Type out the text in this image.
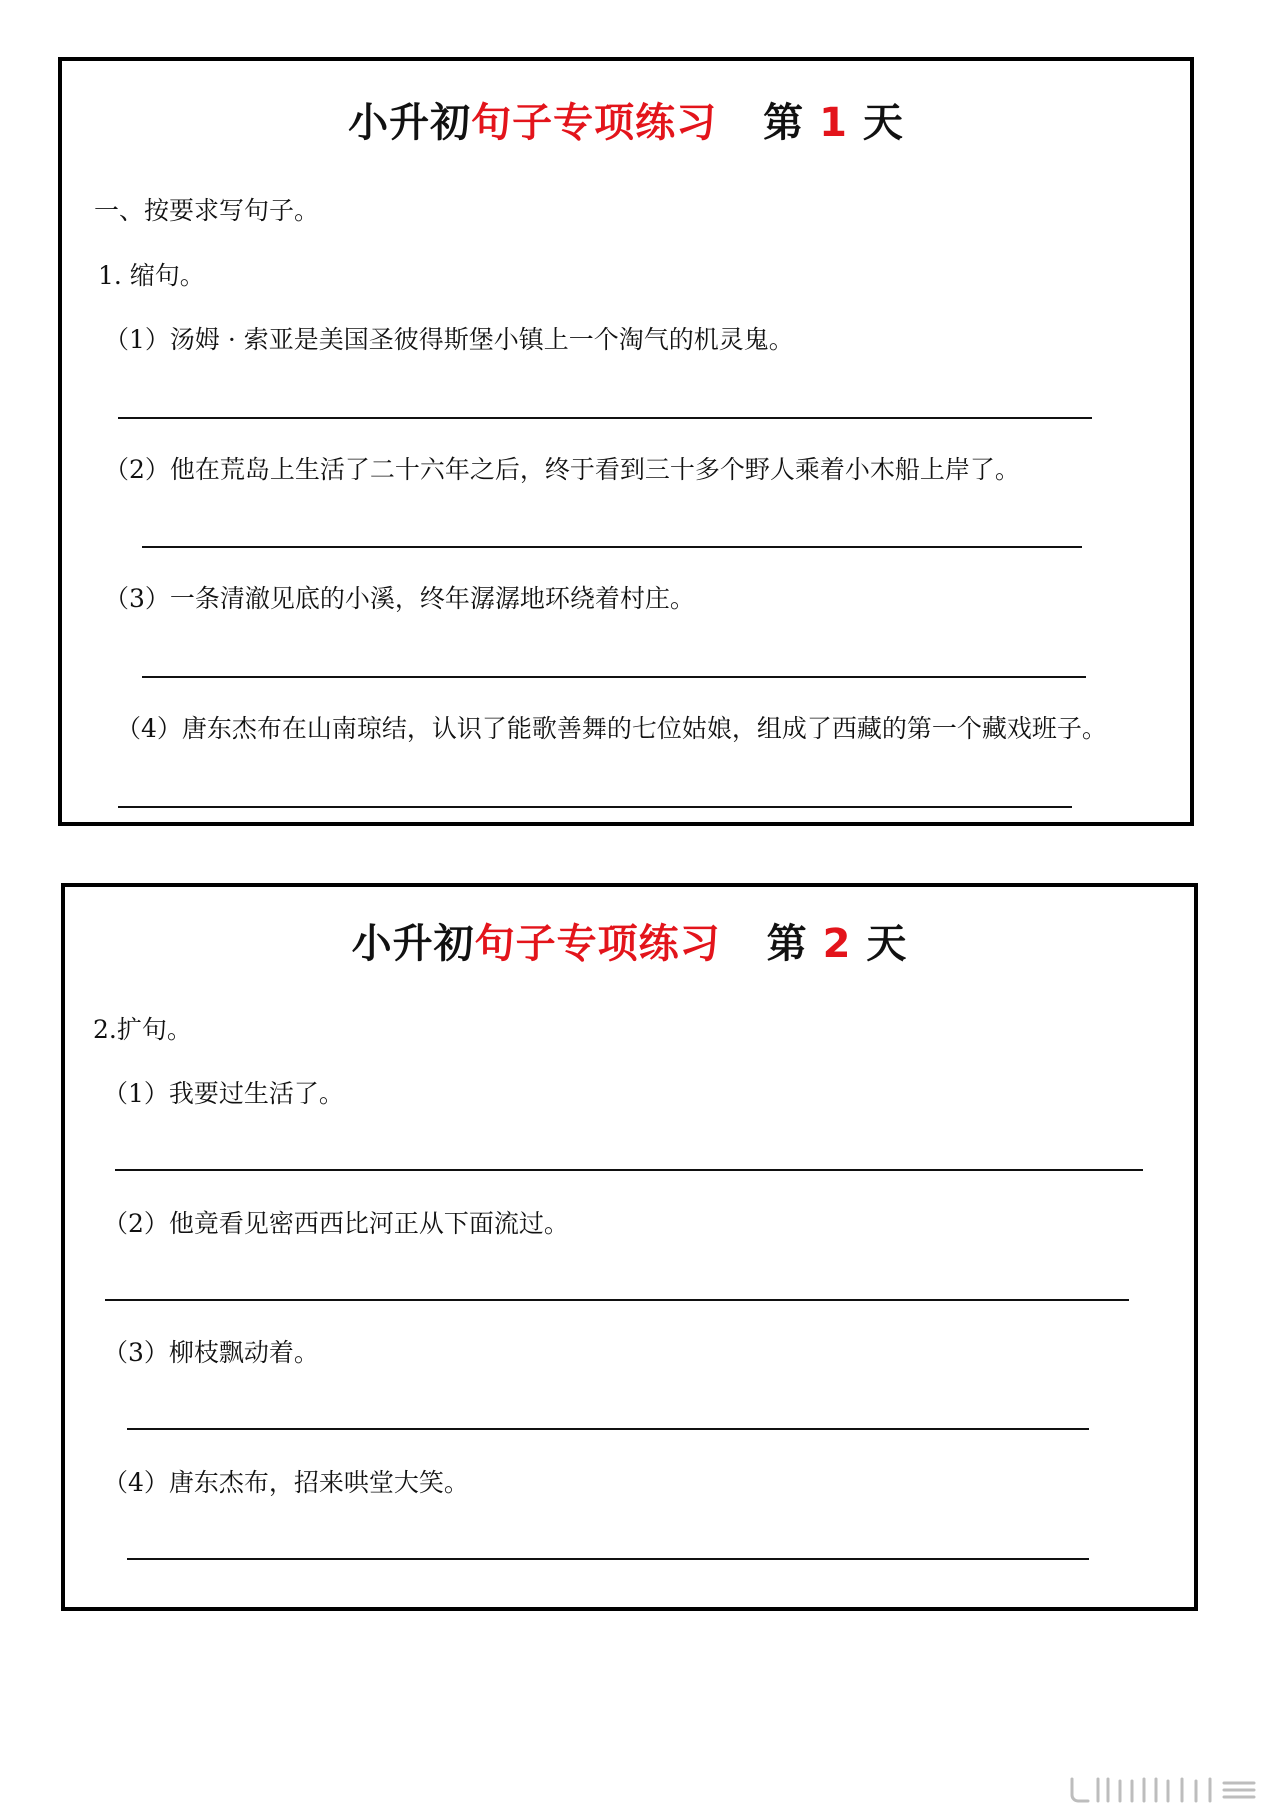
小升初句子专项练习 第 1 天
一、按要求写句子。
1. 缩句。
（1）汤姆 · 索亚是美国圣彼得斯堡小镇上一个淘气的机灵鬼。
（2）他在荒岛上生活了二十六年之后，终于看到三十多个野人乘着小木船上岸了。
（3）一条清澈见底的小溪，终年潺潺地环绕着村庄。
（4）唐东杰布在山南琼结，认识了能歌善舞的七位姑娘，组成了西藏的第一个藏戏班子。
小升初句子专项练习 第 2 天
2.扩句。
（1）我要过生活了。
（2）他竟看见密西西比河正从下面流过。
（3）柳枝飘动着。
（4）唐东杰布，招来哄堂大笑。
